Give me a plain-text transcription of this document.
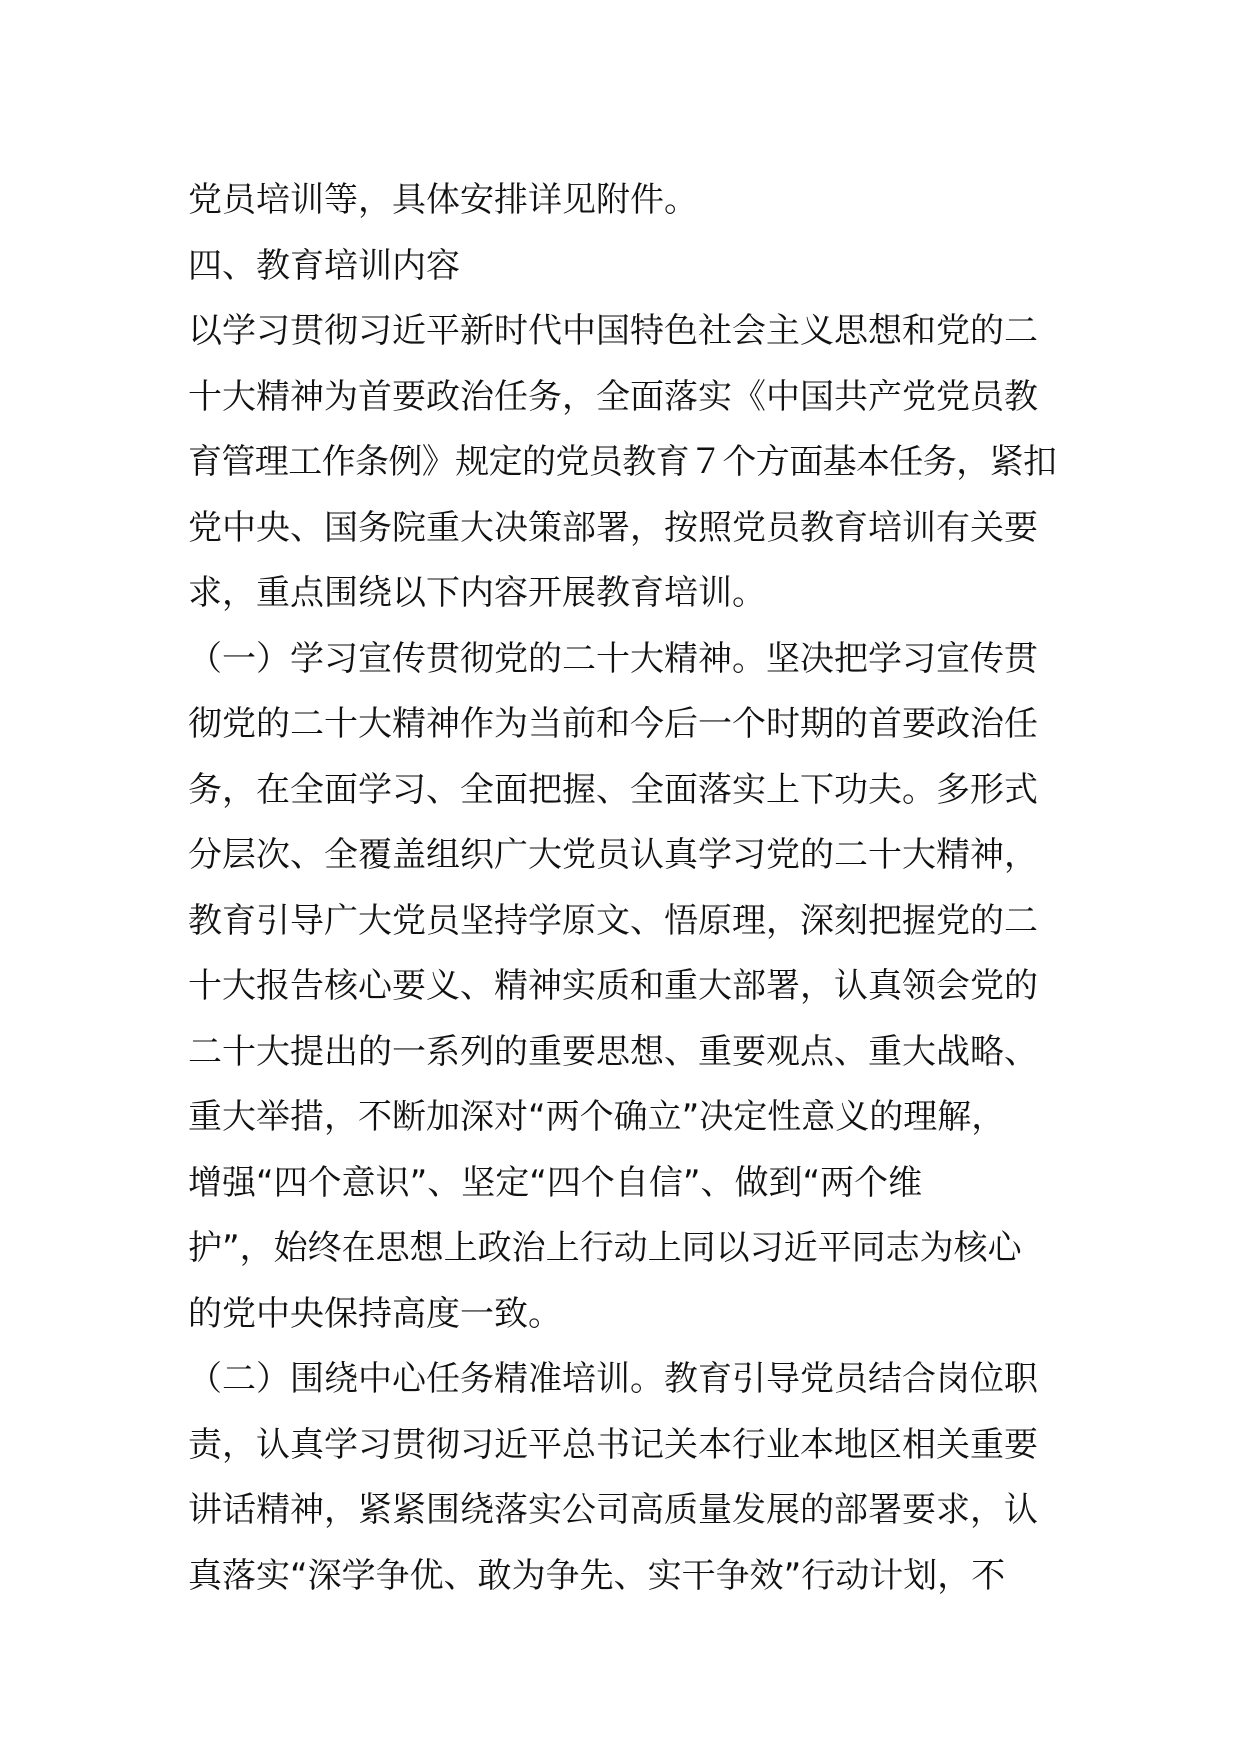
党员培训等，具体安排详见附件。
四、教育培训内容
以学习贯彻习近平新时代中国特色社会主义思想和党的二
十大精神为首要政治任务，全面落实《中国共产党党员教
育管理工作条例》规定的党员教育７个方面基本任务，紧扣
党中央、国务院重大决策部署，按照党员教育培训有关要
求，重点围绕以下内容开展教育培训。
（一）学习宣传贯彻党的二十大精神。坚决把学习宣传贯
彻党的二十大精神作为当前和今后一个时期的首要政治任
务，在全面学习、全面把握、全面落实上下功夫。多形式
分层次、全覆盖组织广大党员认真学习党的二十大精神，
教育引导广大党员坚持学原文、悟原理，深刻把握党的二
十大报告核心要义、精神实质和重大部署，认真领会党的
二十大提出的一系列的重要思想、重要观点、重大战略、
重大举措，不断加深对“两个确立”决定性意义的理解，
增强“四个意识”、坚定“四个自信”、做到“两个维
护”，始终在思想上政治上行动上同以习近平同志为核心
的党中央保持高度一致。
（二）围绕中心任务精准培训。教育引导党员结合岗位职
责，认真学习贯彻习近平总书记关本行业本地区相关重要
讲话精神，紧紧围绕落实公司高质量发展的部署要求，认
真落实“深学争优、敢为争先、实干争效”行动计划，不
